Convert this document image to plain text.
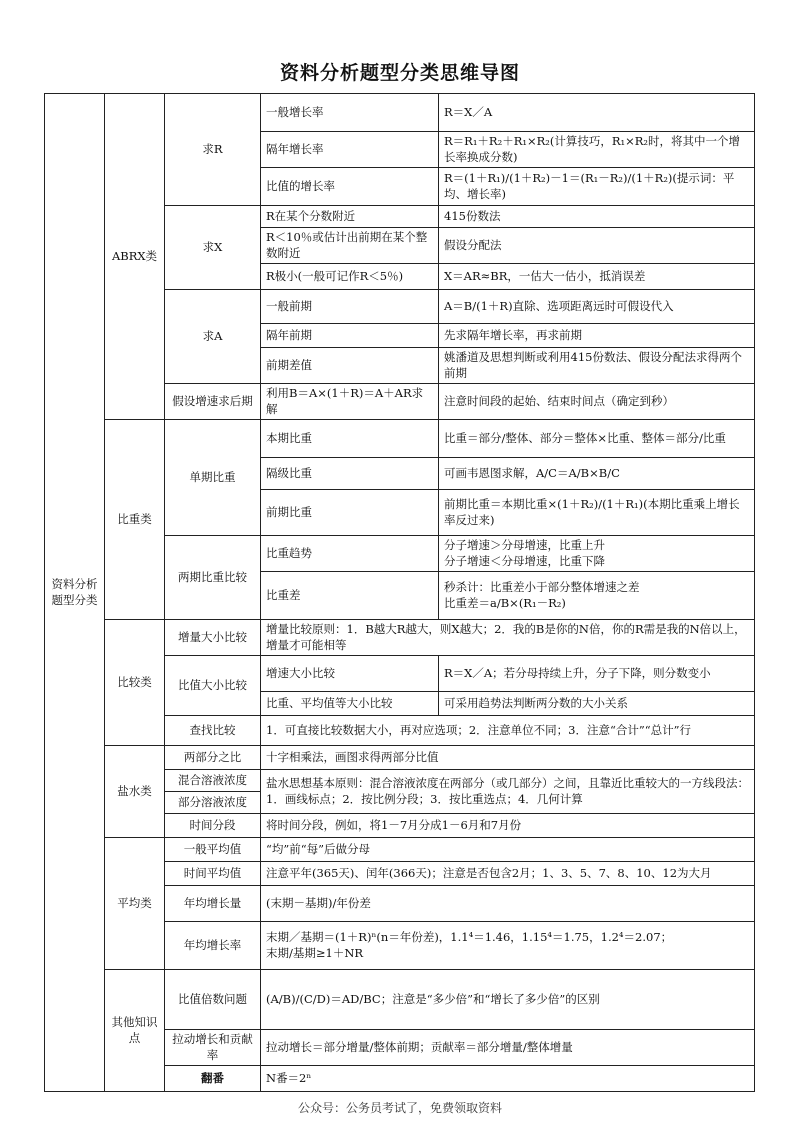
资料分析题型分类思维导图
资料分析题型分类	ABRX类	求R	一般增长率	R＝X／A
			隔年增长率	R＝R₁＋R₂＋R₁×R₂(计算技巧，R₁×R₂时，将其中一个增长率换成分数)
			比值的增长率	R＝(1＋R₁)/(1＋R₂)－1＝(R₁－R₂)/(1＋R₂)(提示词：平均、增长率)
		求X	R在某个分数附近	415份数法
			R＜10％或估计出前期在某个整数附近	假设分配法
			R极小(一般可记作R＜5％)	X＝AR≈BR，一估大一估小，抵消误差
		求A	一般前期	A＝B/(1＋R)直除、选项距离远时可假设代入
			隔年前期	先求隔年增长率，再求前期
			前期差值	姚潘道及思想判断或利用415份数法、假设分配法求得两个前期
		假设增速求后期	利用B＝A×(1＋R)＝A＋AR求解	注意时间段的起始、结束时间点（确定到秒）
	比重类	单期比重	本期比重	比重＝部分/整体、部分＝整体×比重、整体＝部分/比重
			隔级比重	可画韦恩图求解，A/C＝A/B×B/C
			前期比重	前期比重＝本期比重×(1＋R₂)/(1＋R₁)(本期比重乘上增长率反过来)
		两期比重比较	比重趋势	分子增速＞分母增速，比重上升
分子增速＜分母增速，比重下降

			比重差	秒杀计：比重差小于部分整体增速之差
比重差＝a/B×(R₁－R₂)

	比较类	增量大小比较	增量比较原则：1．B越大R越大，则X越大；2．我的B是你的N倍，你的R需是我的N倍以上，增量才可能相等	
		比值大小比较	增速大小比较	R＝X／A；若分母持续上升，分子下降，则分数变小
			比重、平均值等大小比较	可采用趋势法判断两分数的大小关系
		查找比较	1．可直接比较数据大小，再对应选项；2．注意单位不同；3．注意“合计”“总计”行	
	盐水类	两部分之比	十字相乘法，画图求得两部分比值	
		混合溶液浓度	盐水思想基本原则：混合溶液浓度在两部分（或几部分）之间，且靠近比重较大的一方线段法：1．画线标点；2．按比例分段；3．按比重选点；4．几何计算	
		部分溶液浓度		
		时间分段	将时间分段，例如，将1－7月分成1－6月和7月份	
	平均类	一般平均值	“均”前“每”后做分母	
		时间平均值	注意平年(365天)、闰年(366天)；注意是否包含2月；1、3、5、7、8、10、12为大月	
		年均增长量	(末期－基期)/年份差	
		年均增长率	末期／基期＝(1＋R)ⁿ(n＝年份差)，1.1⁴＝1.46，1.15⁴＝1.75，1.2⁴＝2.07；
末期/基期≥1＋NR	

	其他知识点	比值倍数问题	(A/B)/(C/D)＝AD/BC；注意是“多少倍”和“增长了多少倍”的区别	
		拉动增长和贡献率	拉动增长＝部分增量/整体前期；贡献率＝部分增量/整体增量	
		翻番	N番＝2ⁿ	
公众号：公务员考试了，免费领取资料
